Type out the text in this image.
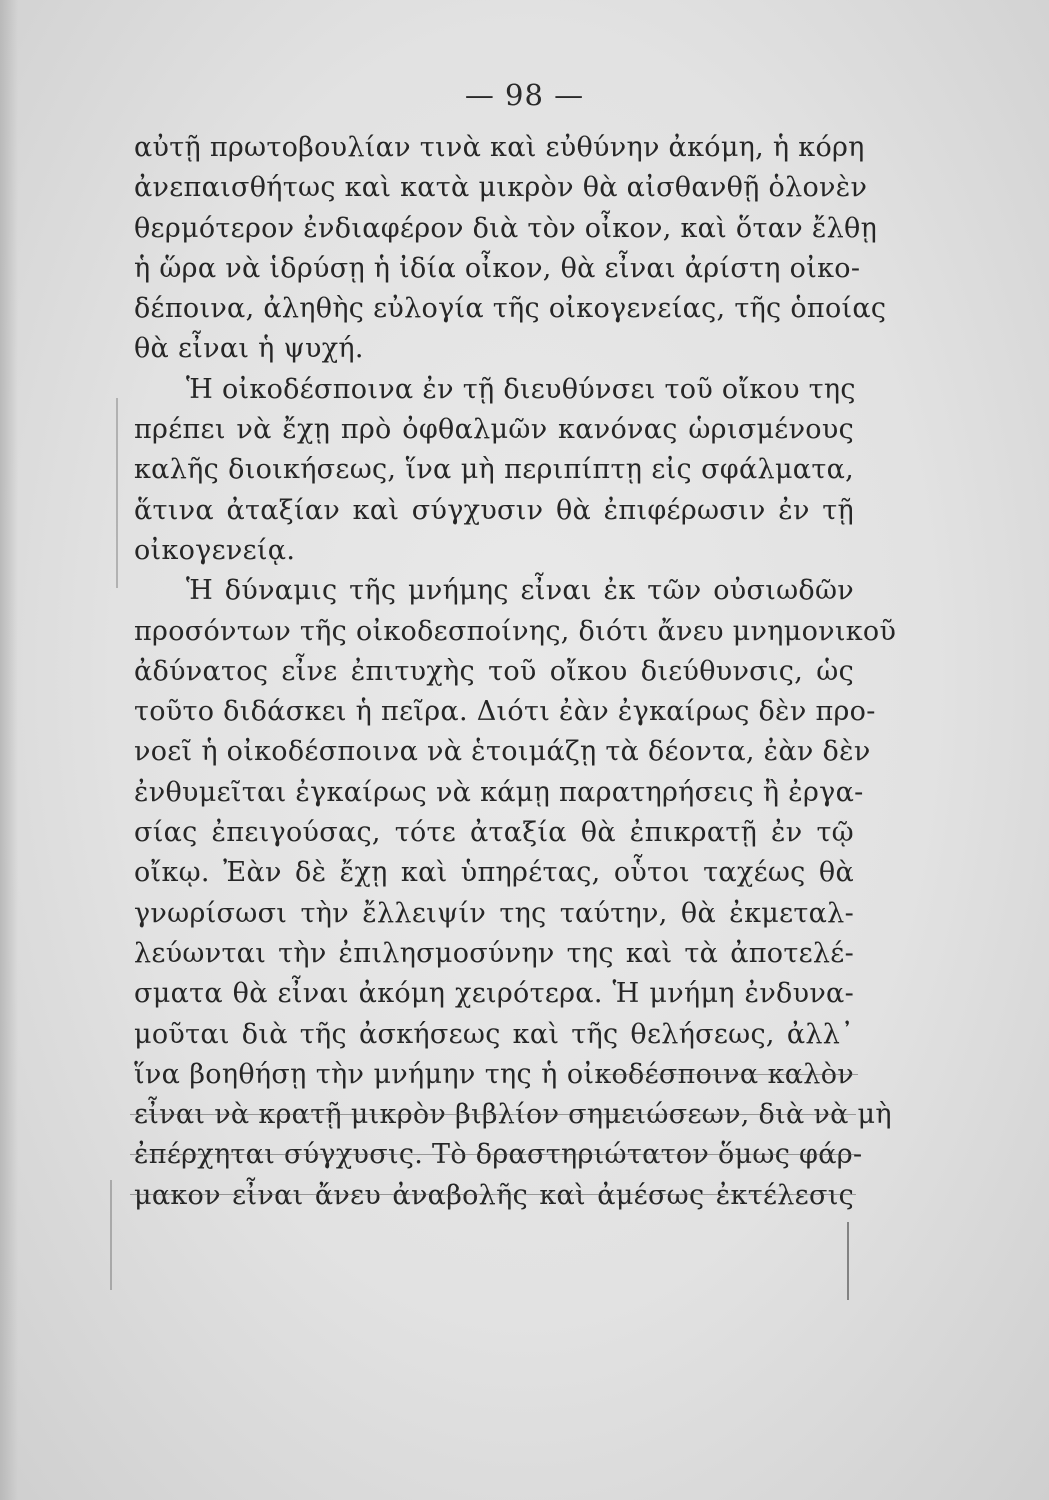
— 98 —
αὐτῇ πρωτοβουλίαν τινὰ καὶ εὐθύνην ἀκόμη, ἡ κόρη
ἀνεπαισθήτως καὶ κατὰ μικρὸν θὰ αἰσθανθῇ ὁλονὲν
θερμότερον ἐνδιαφέρον διὰ τὸν οἶκον, καὶ ὅταν ἔλθῃ
ἡ ὥρα νὰ ἱδρύσῃ ἡ ἰδία οἶκον, θὰ εἶναι ἀρίστη οἰκο-
δέποινα, ἀληθὴς εὐλογία τῆς οἰκογενείας, τῆς ὁποίας
θὰ εἶναι ἡ ψυχή.
Ἡ οἰκοδέσποινα ἐν τῇ διευθύνσει τοῦ οἴκου της
πρέπει νὰ ἔχῃ πρὸ ὀφθαλμῶν κανόνας ὡρισμένους
καλῆς διοικήσεως, ἵνα μὴ περιπίπτῃ εἰς σφάλματα,
ἅτινα ἀταξίαν καὶ σύγχυσιν θὰ ἐπιφέρωσιν ἐν τῇ
οἰκογενείᾳ.
Ἡ δύναμις τῆς μνήμης εἶναι ἐκ τῶν οὐσιωδῶν
προσόντων τῆς οἰκοδεσποίνης, διότι ἄνευ μνημονικοῦ
ἀδύνατος εἶνε ἐπιτυχὴς τοῦ οἴκου διεύθυνσις, ὡς
τοῦτο διδάσκει ἡ πεῖρα. Διότι ἐὰν ἐγκαίρως δὲν προ-
νοεῖ ἡ οἰκοδέσποινα νὰ ἑτοιμάζῃ τὰ δέοντα, ἐὰν δὲν
ἐνθυμεῖται ἐγκαίρως νὰ κάμῃ παρατηρήσεις ἢ ἐργα-
σίας ἐπειγούσας, τότε ἀταξία θὰ ἐπικρατῇ ἐν τῷ
οἴκῳ. Ἐὰν δὲ ἔχῃ καὶ ὑπηρέτας, οὗτοι ταχέως θὰ
γνωρίσωσι τὴν ἔλλειψίν της ταύτην, θὰ ἐκμεταλ-
λεύωνται τὴν ἐπιλησμοσύνην της καὶ τὰ ἀποτελέ-
σματα θὰ εἶναι ἀκόμη χειρότερα. Ἡ μνήμη ἐνδυνα-
μοῦται διὰ τῆς ἀσκήσεως καὶ τῆς θελήσεως, ἀλλ᾽
ἵνα βοηθήσῃ τὴν μνήμην της ἡ οἰκοδέσποινα καλὸν
εἶναι νὰ κρατῇ μικρὸν βιβλίον σημειώσεων, διὰ νὰ μὴ
ἐπέρχηται σύγχυσις. Τὸ δραστηριώτατον ὅμως φάρ-
μακον εἶναι ἄνευ ἀναβολῆς καὶ ἀμέσως ἐκτέλεσις
